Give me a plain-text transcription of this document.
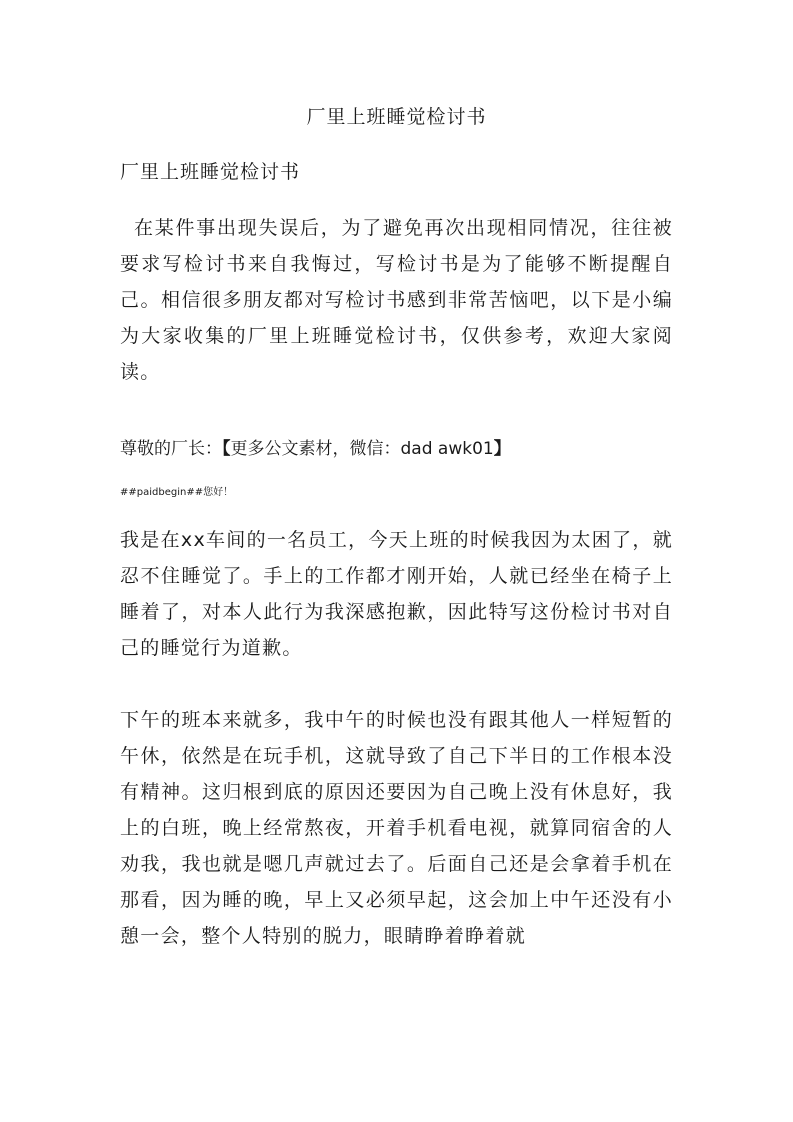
厂里上班睡觉检讨书
厂里上班睡觉检讨书

在某件事出现失误后，为了避免再次出现相同情况，往往被要求写检讨书来自我悔过，写检讨书是为了能够不断提醒自己。相信很多朋友都对写检讨书感到非常苦恼吧，以下是小编为大家收集的厂里上班睡觉检讨书，仅供参考，欢迎大家阅读。

尊敬的厂长：【更多公文素材，微信：dad awk01】
##paidbegin##您好！

我是在xx车间的一名员工，今天上班的时候我因为太困了，就忍不住睡觉了。手上的工作都才刚开始，人就已经坐在椅子上睡着了，对本人此行为我深感抱歉，因此特写这份检讨书对自己的睡觉行为道歉。

下午的班本来就多，我中午的时候也没有跟其他人一样短暂的午休，依然是在玩手机，这就导致了自己下半日的工作根本没有精神。这归根到底的原因还要因为自己晚上没有休息好，我上的白班，晚上经常熬夜，开着手机看电视，就算同宿舍的人劝我，我也就是嗯几声就过去了。后面自己还是会拿着手机在那看，因为睡的晚，早上又必须早起，这会加上中午还没有小憩一会，整个人特别的脱力，眼睛睁着睁着就
